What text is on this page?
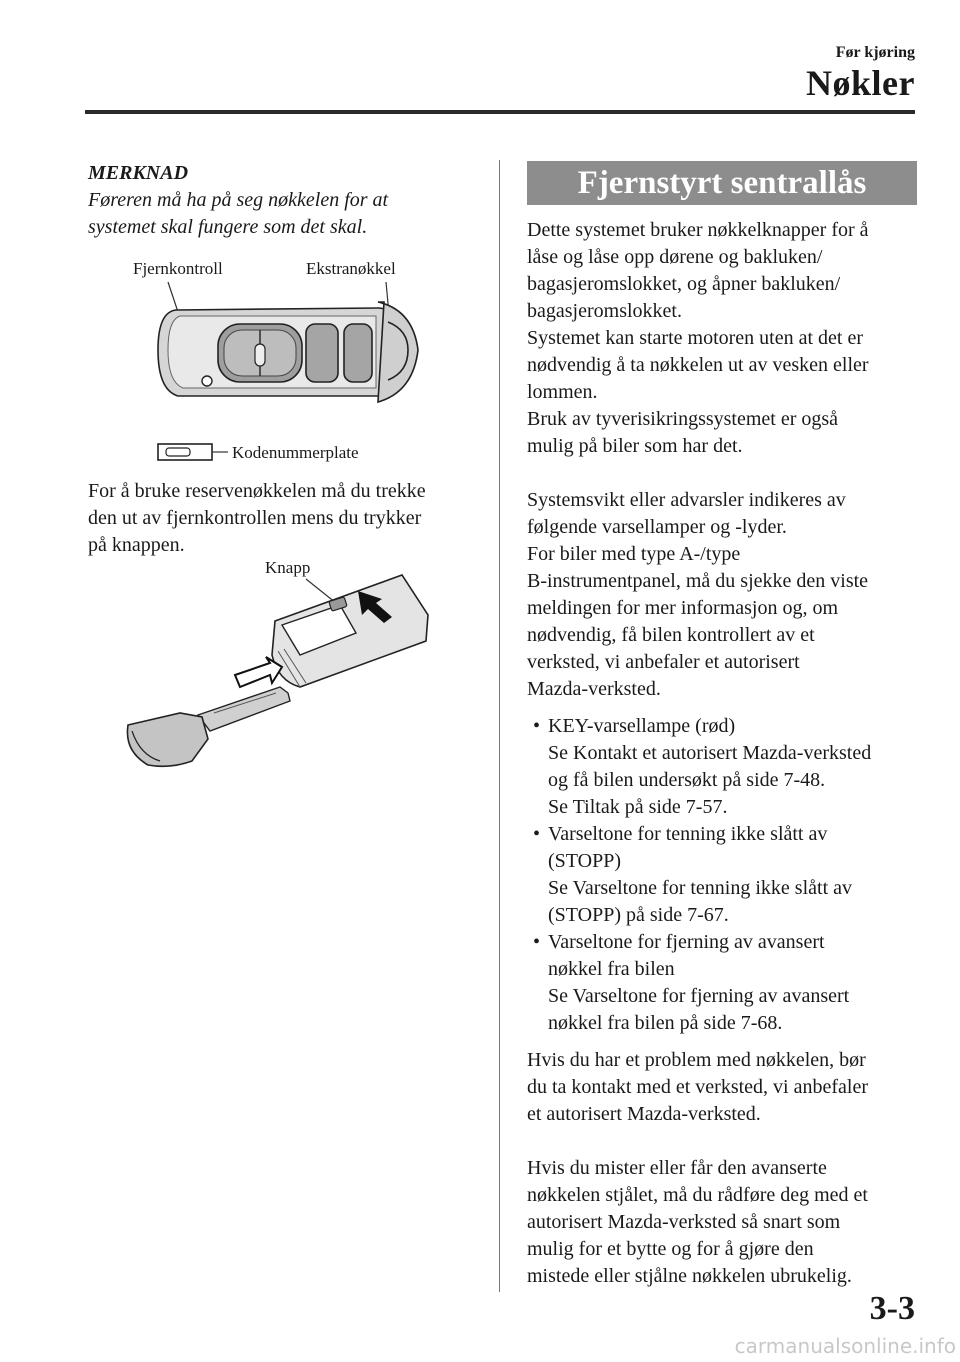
Før kjøring
Nøkler
MERKNAD
Føreren må ha på seg nøkkelen for at
systemet skal fungere som det skal.
Fjernkontroll	Ekstranøkkel
Kodenummerplate
For å bruke reservenøkkelen må du trekke
den ut av fjernkontrollen mens du trykker
på knappen.
Knapp
Fjernstyrt sentrallås

Dette systemet bruker nøkkelknapper for å

låse og låse opp dørene og bakluken/

bagasjeromslokket, og åpner bakluken/

bagasjeromslokket.

Systemet kan starte motoren uten at det er

nødvendig å ta nøkkelen ut av vesken eller

lommen.

Bruk av tyverisikringssystemet er også

mulig på biler som har det.

Systemsvikt eller advarsler indikeres av

følgende varsellamper og -lyder.

For biler med type A-/type

B-instrumentpanel, må du sjekke den viste

meldingen for mer informasjon og, om

nødvendig, få bilen kontrollert av et

verksted, vi anbefaler et autorisert

Mazda-verksted.

• KEY-varsellampe (rød)

Se Kontakt et autorisert Mazda-verksted

og få bilen undersøkt på side 7-48.

Se Tiltak på side 7-57.

• Varseltone for tenning ikke slått av

(STOPP)

Se Varseltone for tenning ikke slått av

(STOPP) på side 7-67.

• Varseltone for fjerning av avansert

nøkkel fra bilen

Se Varseltone for fjerning av avansert

nøkkel fra bilen på side 7-68.

Hvis du har et problem med nøkkelen, bør

du ta kontakt med et verksted, vi anbefaler

et autorisert Mazda-verksted.

Hvis du mister eller får den avanserte

nøkkelen stjålet, må du rådføre deg med et

autorisert Mazda-verksted så snart som

mulig for et bytte og for å gjøre den

mistede eller stjålne nøkkelen ubrukelig.

3-3
carmanualsonline.info
